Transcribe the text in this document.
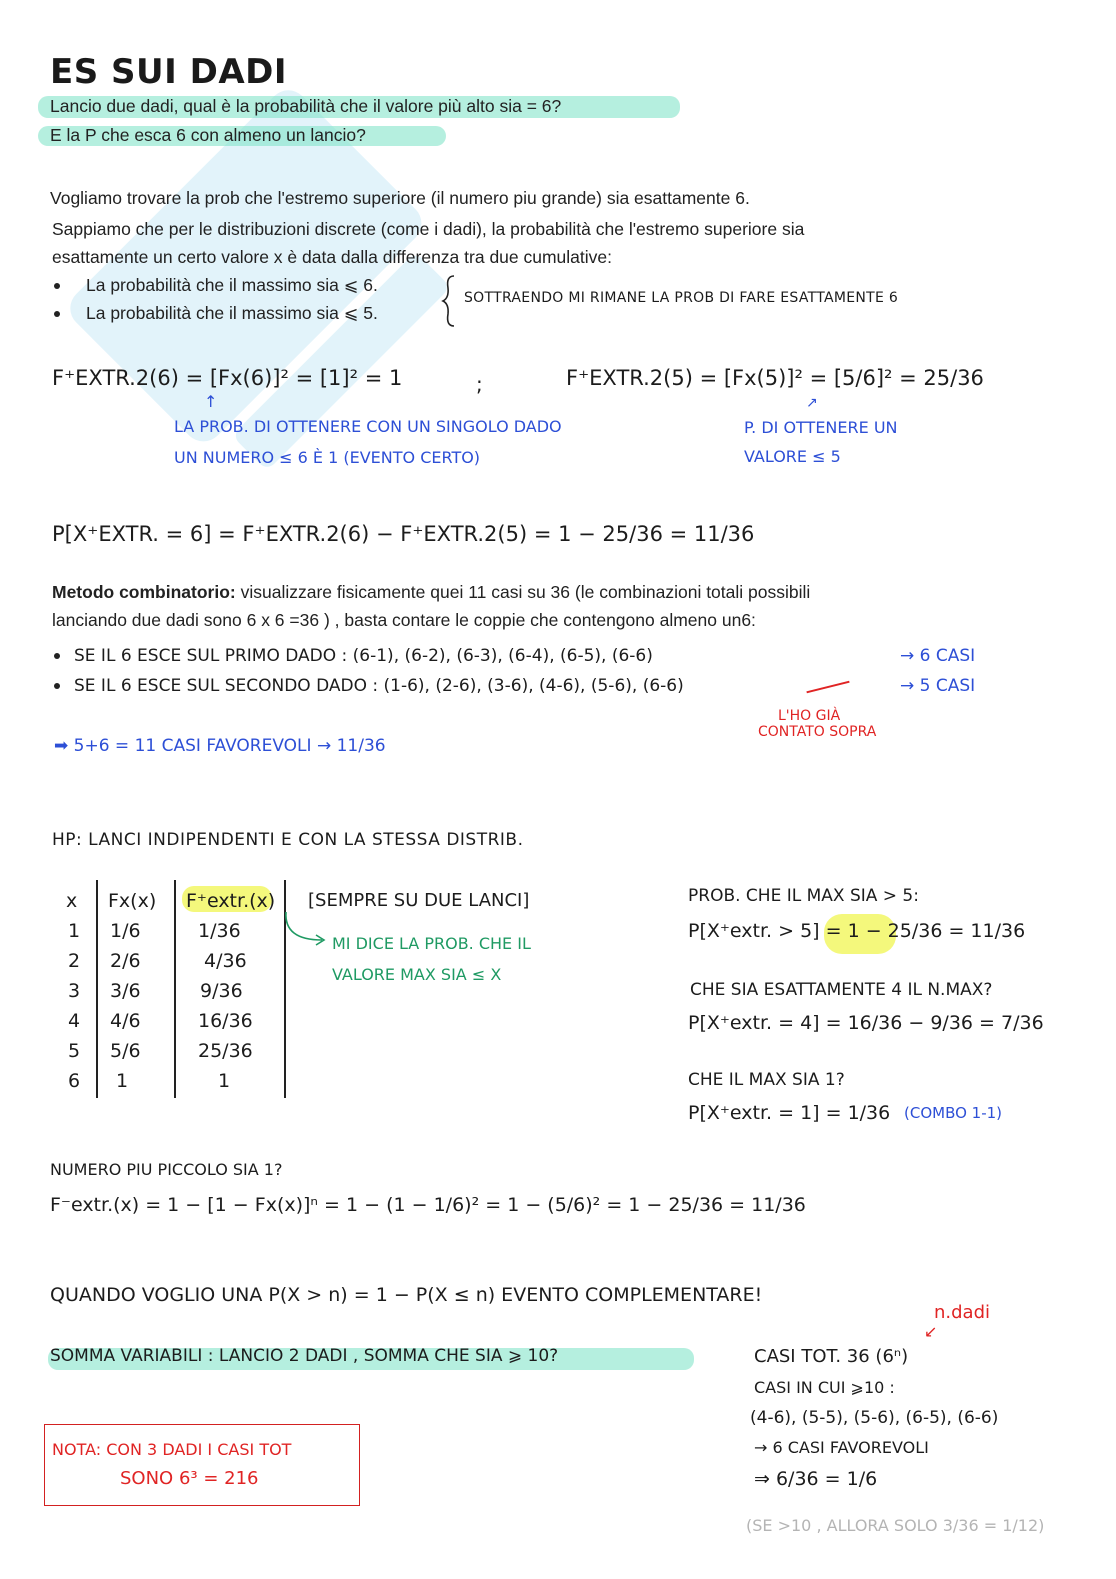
ES SUI DADI
Lancio due dadi, qual è la probabilità che il valore più alto sia = 6?
E la P che esca 6 con almeno un lancio?
Vogliamo trovare la prob che l'estremo superiore (il numero piu grande) sia esattamente 6.
Sappiamo che per le distribuzioni discrete (come i dadi), la probabilità che l'estremo superiore sia
esattamente un certo valore x è data dalla differenza tra due cumulative:
La probabilità che il massimo sia ⩽ 6.
La probabilità che il massimo sia ⩽ 5.
SOTTRAENDO MI RIMANE LA PROB DI FARE ESATTAMENTE 6
F⁺EXTR.2(6) = [Fx(6)]² = [1]² = 1	;	F⁺EXTR.2(5) = [Fx(5)]² = [5/6]² = 25/36
↑
LA PROB. DI OTTENERE CON UN SINGOLO DADO
UN NUMERO ≤ 6 È 1 (EVENTO CERTO)
↗
P. DI OTTENERE UN
VALORE ≤ 5
P[X⁺EXTR. = 6] = F⁺EXTR.2(6) − F⁺EXTR.2(5) = 1 − 25/36 = 11/36
Metodo combinatorio: visualizzare fisicamente quei 11 casi su 36 (le combinazioni totali possibili
lanciando due dadi sono 6 x 6 =36 ) , basta contare le coppie che contengono almeno un6:
SE IL 6 ESCE SUL PRIMO DADO : (6-1), (6-2), (6-3), (6-4), (6-5), (6-6)	→ 6 CASI
SE IL 6 ESCE SUL SECONDO DADO : (1-6), (2-6), (3-6), (4-6), (5-6), (6-6)	→ 5 CASI
L'HO GIÀ
CONTATO SOPRA
➡ 5+6 = 11 CASI FAVOREVOLI → 11/36
HP: LANCI INDIPENDENTI E CON LA STESSA DISTRIB.
x Fx(x) F⁺extr.(x)
1 1/6	1/36
2 2/6	4/36
3 3/6	9/36
4 4/6	16/36
5 5/6	25/36
6 1	1
[SEMPRE SU DUE LANCI]
MI DICE LA PROB. CHE IL
VALORE MAX SIA ≤ X
PROB. CHE IL MAX SIA > 5:
P[X⁺extr. > 5] = 1 − 25/36 = 11/36
CHE SIA ESATTAMENTE 4 IL N.MAX?
P[X⁺extr. = 4] = 16/36 − 9/36 = 7/36
CHE IL MAX SIA 1?
P[X⁺extr. = 1] = 1/36 (COMBO 1-1)
NUMERO PIU PICCOLO SIA 1?
F⁻extr.(x) = 1 − [1 − Fx(x)]ⁿ = 1 − (1 − 1/6)² = 1 − (5/6)² = 1 − 25/36 = 11/36
QUANDO VOGLIO UNA P(X > n) = 1 − P(X ≤ n) EVENTO COMPLEMENTARE!
SOMMA VARIABILI : LANCIO 2 DADI , SOMMA CHE SIA ⩾ 10?
n.dadi
↙
CASI TOT. 36 (6ⁿ)
CASI IN CUI ⩾10 :
(4-6), (5-5), (5-6), (6-5), (6-6)
→ 6 CASI FAVOREVOLI
⇒ 6/36 = 1/6
(SE >10 , ALLORA SOLO 3/36 = 1/12)
NOTA: CON 3 DADI I CASI TOT
SONO 6³ = 216
